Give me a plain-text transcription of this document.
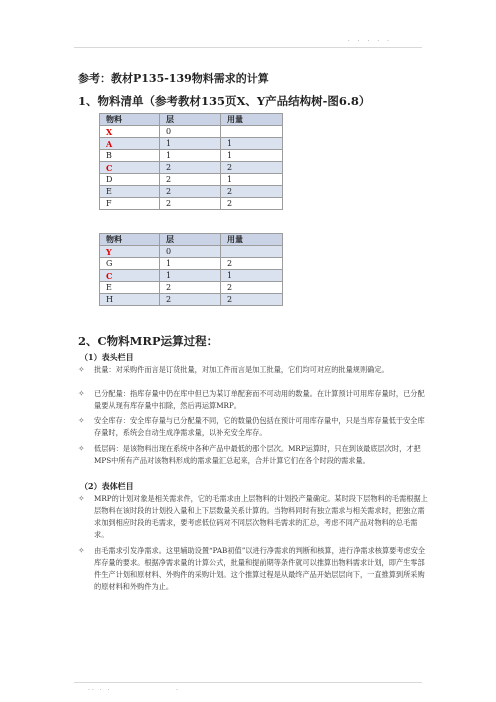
. . . . .
参考：教材P135-139物料需求的计算
1、物料清单（参考教材135页X、Y产品结构树-图6.8）
物料	层	用量
X	0	
A	1	1
B	1	1
C	2	2
D	2	1
E	2	2
F	2	2
物料	层	用量
Y	0	
G	1	2
C	1	1
E	2	2
H	2	2
2、C物料MRP运算过程：
（1）表头栏目
✧ 批量：对采购件而言是订货批量，对加工件而言是加工批量，它们均可对应的批量规则确定。
✧ 已分配量：指库存量中仍在库中但已为某订单配套而不可动用的数量。在计算预计可用库存量时，已分配量要从现有库存量中扣除，然后再运算MRP。
✧ 安全库存：安全库存量与已分配量不同，它的数量仍包括在预计可用库存量中，只是当库存量低于安全库存量时，系统会自动生成净需求量，以补充安全库存。
✧ 低层码：是该物料出现在系统中各种产品中最低的那个层次。MRP运算时，只在到该最底层次时，才把MPS中所有产品对该物料形成的需求量汇总起来，合并计算它们在各个时段的需求量。
（2）表体栏目
✧ MRP的计划对象是相关需求件，它的毛需求由上层物料的计划投产量确定。某时段下层物料的毛需根据上层物料在该时段的计划投入量和上下层数量关系计算的。当物料同时有独立需求与相关需求时，把独立需求加到相应时段的毛需求，要考虑低位码对不同层次物料毛需求的汇总，考虑不同产品对物料的总毛需求。
✧ 由毛需求引发净需求。这里辅助设置“PAB初值”以进行净需求的判断和核算，进行净需求核算要考虑安全库存量的要求。根据净需求量的计算公式，批量和提前期等条件就可以推算出物料需求计划，即产生零部件生产计划和原材料、外购件的采购计划。这个推算过程是从最终产品开始层层向下，一直推算到所采购的原材料和外购件为止。
.. . .	.
